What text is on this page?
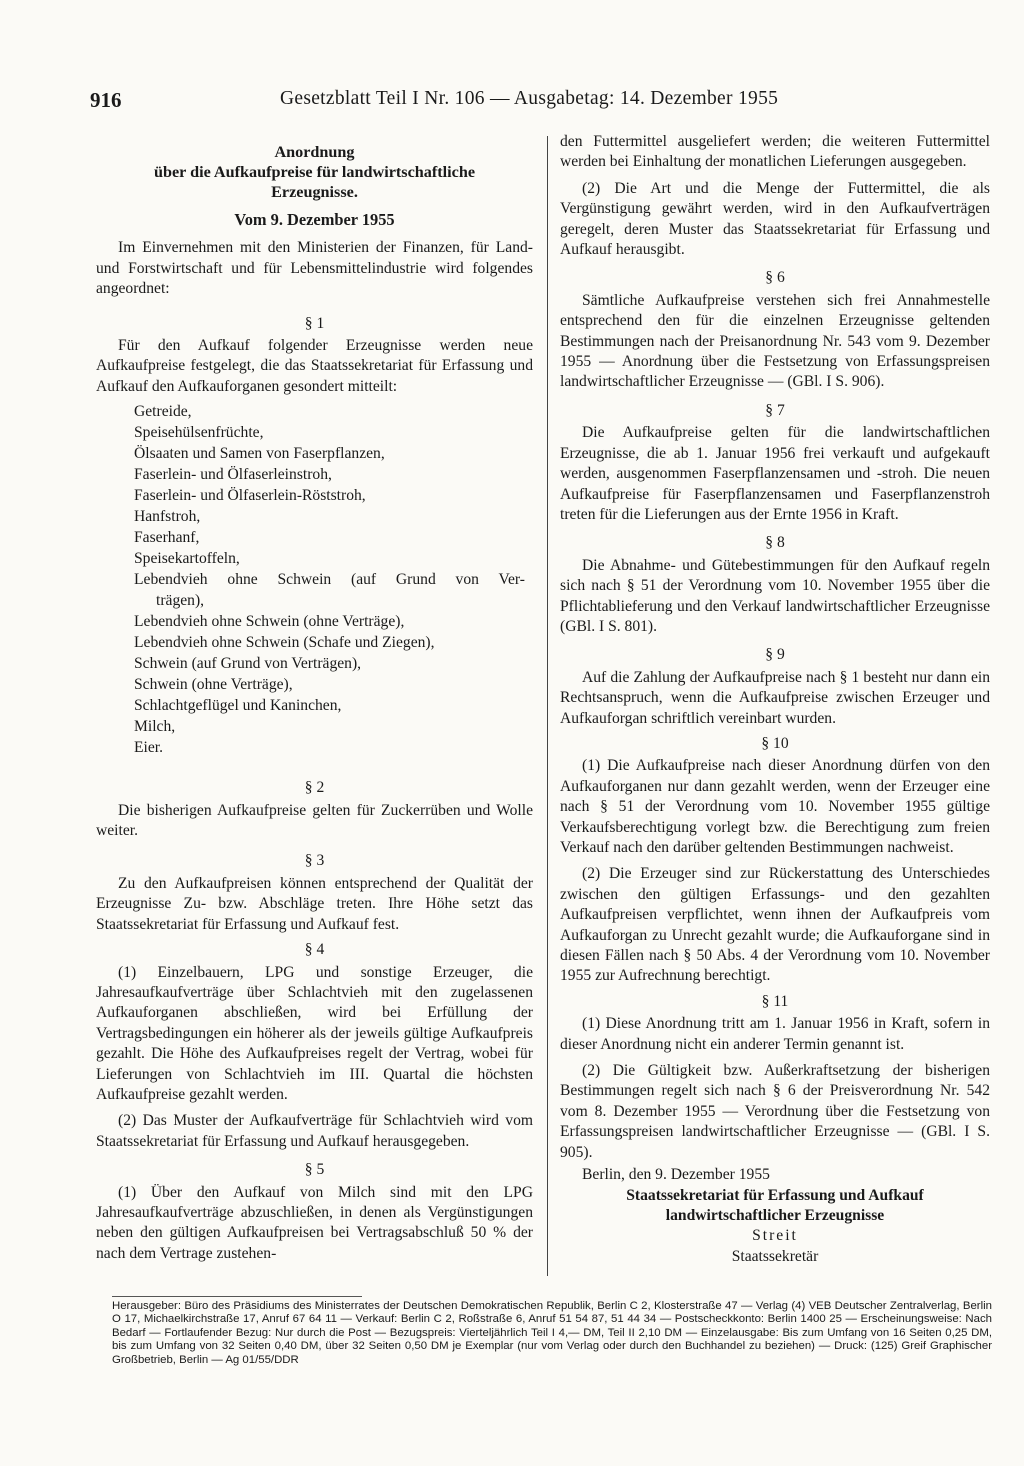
916	Gesetzblatt Teil I Nr. 106 — Ausgabetag: 14. Dezember 1955
Anordnung
über die Aufkaufpreise für landwirtschaftliche
Erzeugnisse.
Vom 9. Dezember 1955

Im Einvernehmen mit den Ministerien der Finanzen, für Land- und Forstwirtschaft und für Lebensmittelindustrie wird folgendes angeordnet:

§ 1

Für den Aufkauf folgender Erzeugnisse werden neue Aufkaufpreise festgelegt, die das Staatssekretariat für Erfassung und Aufkauf den Aufkauforganen gesondert mitteilt:

Getreide,
Speisehülsenfrüchte,
Ölsaaten und Samen von Faserpflanzen,
Faserlein- und Ölfaserleinstroh,
Faserlein- und Ölfaserlein-Röststroh,
Hanfstroh,
Faserhanf,
Speisekartoffeln,
Lebendvieh ohne Schwein (auf Grund von Ver-
trägen),
Lebendvieh ohne Schwein (ohne Verträge),
Lebendvieh ohne Schwein (Schafe und Ziegen),
Schwein (auf Grund von Verträgen),
Schwein (ohne Verträge),
Schlachtgeflügel und Kaninchen,
Milch,
Eier.
§ 2

Die bisherigen Aufkaufpreise gelten für Zuckerrüben und Wolle weiter.

§ 3

Zu den Aufkaufpreisen können entsprechend der Qualität der Erzeugnisse Zu- bzw. Abschläge treten. Ihre Höhe setzt das Staatssekretariat für Erfassung und Aufkauf fest.

§ 4

(1) Einzelbauern, LPG und sonstige Erzeuger, die Jahresaufkaufverträge über Schlachtvieh mit den zugelassenen Aufkauforganen abschließen, wird bei Erfüllung der Vertragsbedingungen ein höherer als der jeweils gültige Aufkaufpreis gezahlt. Die Höhe des Aufkaufpreises regelt der Vertrag, wobei für Lieferungen von Schlachtvieh im III. Quartal die höchsten Aufkaufpreise gezahlt werden.

(2) Das Muster der Aufkaufverträge für Schlachtvieh wird vom Staatssekretariat für Erfassung und Aufkauf herausgegeben.

§ 5

(1) Über den Aufkauf von Milch sind mit den LPG Jahresaufkaufverträge abzuschließen, in denen als Vergünstigungen neben den gültigen Aufkaufpreisen bei Vertragsabschluß 50 % der nach dem Vertrage zustehen-

den Futtermittel ausgeliefert werden; die weiteren Futtermittel werden bei Einhaltung der monatlichen Lieferungen ausgegeben.

(2) Die Art und die Menge der Futtermittel, die als Vergünstigung gewährt werden, wird in den Aufkaufverträgen geregelt, deren Muster das Staatssekretariat für Erfassung und Aufkauf herausgibt.

§ 6

Sämtliche Aufkaufpreise verstehen sich frei Annahmestelle entsprechend den für die einzelnen Erzeugnisse geltenden Bestimmungen nach der Preisanordnung Nr. 543 vom 9. Dezember 1955 — Anordnung über die Festsetzung von Erfassungspreisen landwirtschaftlicher Erzeugnisse — (GBl. I S. 906).

§ 7

Die Aufkaufpreise gelten für die landwirtschaftlichen Erzeugnisse, die ab 1. Januar 1956 frei verkauft und aufgekauft werden, ausgenommen Faserpflanzensamen und -stroh. Die neuen Aufkaufpreise für Faserpflanzensamen und Faserpflanzenstroh treten für die Lieferungen aus der Ernte 1956 in Kraft.

§ 8

Die Abnahme- und Gütebestimmungen für den Aufkauf regeln sich nach § 51 der Verordnung vom 10. November 1955 über die Pflichtablieferung und den Verkauf landwirtschaftlicher Erzeugnisse (GBl. I S. 801).

§ 9

Auf die Zahlung der Aufkaufpreise nach § 1 besteht nur dann ein Rechtsanspruch, wenn die Aufkaufpreise zwischen Erzeuger und Aufkauforgan schriftlich vereinbart wurden.

§ 10

(1) Die Aufkaufpreise nach dieser Anordnung dürfen von den Aufkauforganen nur dann gezahlt werden, wenn der Erzeuger eine nach § 51 der Verordnung vom 10. November 1955 gültige Verkaufsberechtigung vorlegt bzw. die Berechtigung zum freien Verkauf nach den darüber geltenden Bestimmungen nachweist.

(2) Die Erzeuger sind zur Rückerstattung des Unterschiedes zwischen den gültigen Erfassungs- und den gezahlten Aufkaufpreisen verpflichtet, wenn ihnen der Aufkaufpreis vom Aufkauforgan zu Unrecht gezahlt wurde; die Aufkauforgane sind in diesen Fällen nach § 50 Abs. 4 der Verordnung vom 10. November 1955 zur Aufrechnung berechtigt.

§ 11

(1) Diese Anordnung tritt am 1. Januar 1956 in Kraft, sofern in dieser Anordnung nicht ein anderer Termin genannt ist.

(2) Die Gültigkeit bzw. Außerkraftsetzung der bisherigen Bestimmungen regelt sich nach § 6 der Preisverordnung Nr. 542 vom 8. Dezember 1955 — Verordnung über die Festsetzung von Erfassungspreisen landwirtschaftlicher Erzeugnisse — (GBl. I S. 905).

Berlin, den 9. Dezember 1955

Staatssekretariat für Erfassung und Aufkauf
landwirtschaftlicher Erzeugnisse
Streit
Staatssekretär

Herausgeber: Büro des Präsidiums des Ministerrates der Deutschen Demokratischen Republik, Berlin C 2, Klosterstraße 47 — Verlag (4) VEB Deutscher Zentralverlag, Berlin O 17, Michaelkirchstraße 17, Anruf 67 64 11 — Verkauf: Berlin C 2, Roßstraße 6, Anruf 51 54 87, 51 44 34 — Postscheckkonto: Berlin 1400 25 — Erscheinungsweise: Nach Bedarf — Fortlaufender Bezug: Nur durch die Post — Bezugspreis: Vierteljährlich Teil I 4,— DM, Teil II 2,10 DM — Einzelausgabe: Bis zum Umfang von 16 Seiten 0,25 DM, bis zum Umfang von 32 Seiten 0,40 DM, über 32 Seiten 0,50 DM je Exemplar (nur vom Verlag oder durch den Buchhandel zu beziehen) — Druck: (125) Greif Graphischer Großbetrieb, Berlin — Ag 01/55/DDR
